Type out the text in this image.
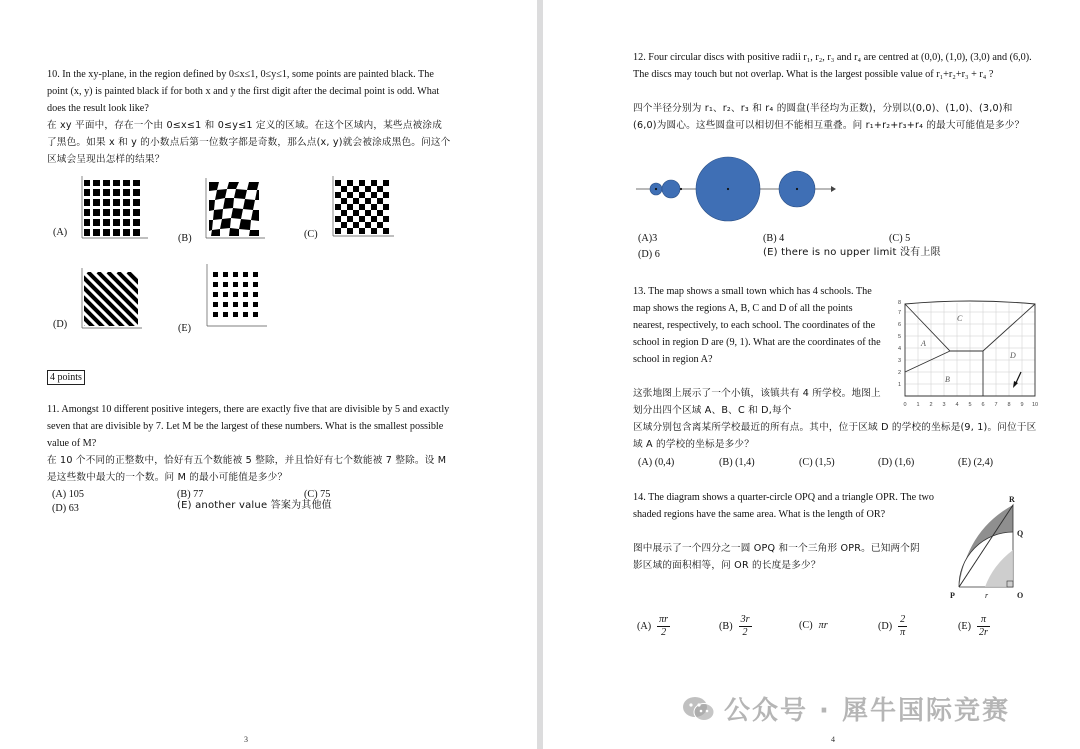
10. In the xy-plane, in the region defined by 0≤x≤1, 0≤y≤1, some points are painted black. The point (x, y) is painted black if for both x and y the first digit after the decimal point is odd. What does the result look like?
在 xy 平面中，存在一个由 0≤x≤1 和 0≤y≤1 定义的区域。在这个区域内，某些点被涂成了黑色。如果 x 和 y 的小数点后第一位数字都是奇数，那么点(x, y)就会被涂成黑色。问这个区域会呈现出怎样的结果？
(A)
(B)	(C)
(D)	(E)
4 points
11. Amongst 10 different positive integers, there are exactly five that are divisible by 5 and exactly seven that are divisible by 7. Let M be the largest of these numbers. What is the smallest possible value of M?
在 10 个不同的正整数中，恰好有五个数能被 5 整除，并且恰好有七个数能被 7 整除。设 M 是这些数中最大的一个数。问 M 的最小可能值是多少？
(A) 105	(B) 77	(C) 75
(D) 63	(E) another value 答案为其他值
3
12. Four circular discs with positive radii r₁, r₂, r₃ and r₄ are centred at (0,0), (1,0), (3,0) and (6,0). The discs may touch but not overlap. What is the largest possible value of r₁+r₂+r₃ + r₄ ?
四个半径分别为 r₁、r₂、r₃ 和 r₄ 的圆盘(半径均为正数)，分别以(0,0)、(1,0)、(3,0)和(6,0)为圆心。这些圆盘可以相切但不能相互重叠。问 r₁+r₂+r₃+r₄ 的最大可能值是多少？
(A)3	(B) 4	(C) 5
(D) 6	(E) there is no upper limit 没有上限
13. The map shows a small town which has 4 schools. The map shows the regions A, B, C and D of all the points nearest, respectively, to each school. The coordinates of the school in region D are (9, 1). What are the coordinates of the school in region A?
这张地图上展示了一个小镇，该镇共有 4 所学校。地图上划分出四个区域 A、B、C 和 D,每个
区域分别包含离某所学校最近的所有点。其中，位于区域 D 的学校的坐标是(9, 1)。问位于区域 A 的学校的坐标是多少？
A
B
C
D
0 1 2 3 4 5 6 7 8 9 10
1
2
3
4
5
6
7
8
(A) (0,4)	(B) (1,4)	(C) (1,5)	(D) (1,6)	(E) (2,4)
14. The diagram shows a quarter-circle OPQ and a triangle OPR. The two shaded regions have the same area. What is the length of OR?
图中展示了一个四分之一圆 OPQ 和一个三角形 OPR。已知两个阴影区域的面积相等，问 OR 的长度是多少？
R
Q
P	O
r
$(A) \frac{\pi r}{2}$	$(B) \frac{3r}{2}$	(C) πr	$(D) \frac{2}{\pi}$	$(E) \frac{\pi}{2r}$
4
公众号 · 犀牛国际竞赛
